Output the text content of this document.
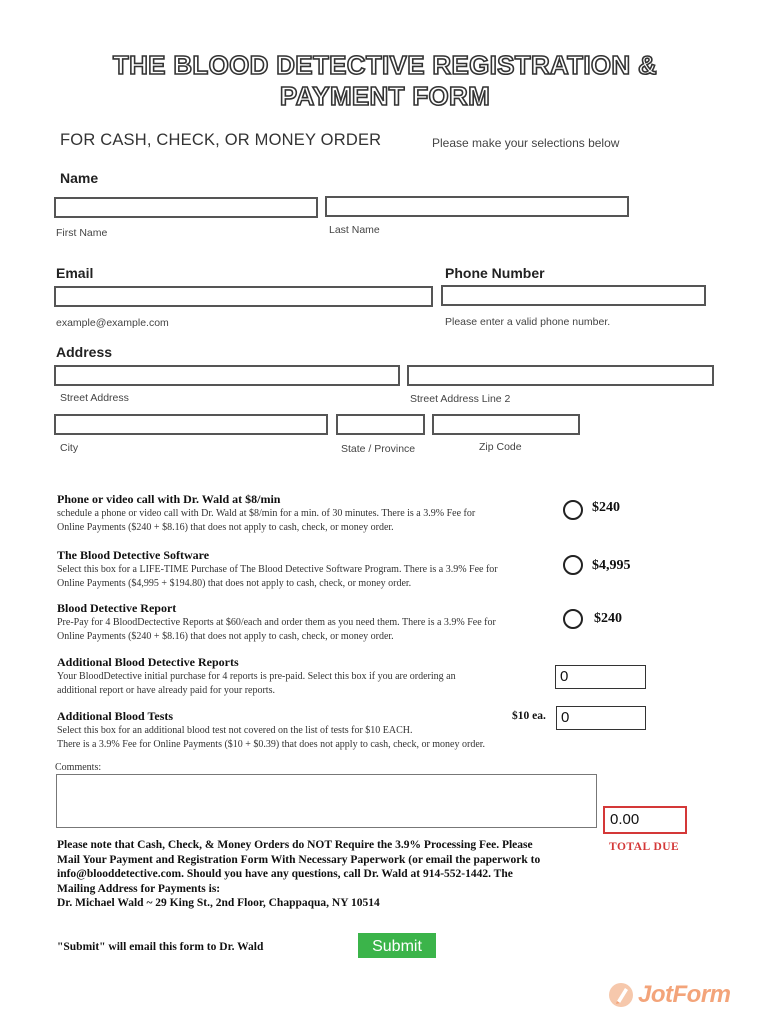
THE BLOOD DETECTIVE REGISTRATION &
PAYMENT FORM
FOR CASH, CHECK, OR MONEY ORDER	Please make your selections below
Name
First Name	Last Name
Email	Phone Number
example@example.com	Please enter a valid phone number.
Address
Street Address	Street Address Line 2
City	State / Province	Zip Code
Phone or video call with Dr. Wald at $8/min
schedule a phone or video call with Dr. Wald at $8/min for a min. of 30 minutes. There is a 3.9% Fee for
Online Payments ($240 + $8.16) that does not apply to cash, check, or money order.
$240
The Blood Detective Software
Select this box for a LIFE-TIME Purchase of The Blood Detective Software Program. There is a 3.9% Fee for
Online Payments ($4,995 + $194.80) that does not apply to cash, check, or money order.
$4,995
Blood Detective Report
Pre-Pay for 4 BloodDectective Reports at $60/each and order them as you need them. There is a 3.9% Fee for
Online Payments ($240 + $8.16) that does not apply to cash, check, or money order.
$240
Additional Blood Detective Reports
Your BloodDetective initial purchase for 4 reports is pre-paid. Select this box if you are ordering an
additional report or have already paid for your reports.
0
Additional Blood Tests	$10 ea.	0
Select this box for an additional blood test not covered on the list of tests for $10 EACH.
There is a 3.9% Fee for Online Payments ($10 + $0.39) that does not apply to cash, check, or money order.
Comments:
0.00
TOTAL DUE
Please note that Cash, Check, & Money Orders do NOT Require the 3.9% Processing Fee. Please
Mail Your Payment and Registration Form With Necessary Paperwork (or email the paperwork to
info@blooddetective.com. Should you have any questions, call Dr. Wald at 914-552-1442. The
Mailing Address for Payments is:
Dr. Michael Wald ~ 29 King St., 2nd Floor, Chappaqua, NY 10514
"Submit" will email this form to Dr. Wald	Submit
JotForm
